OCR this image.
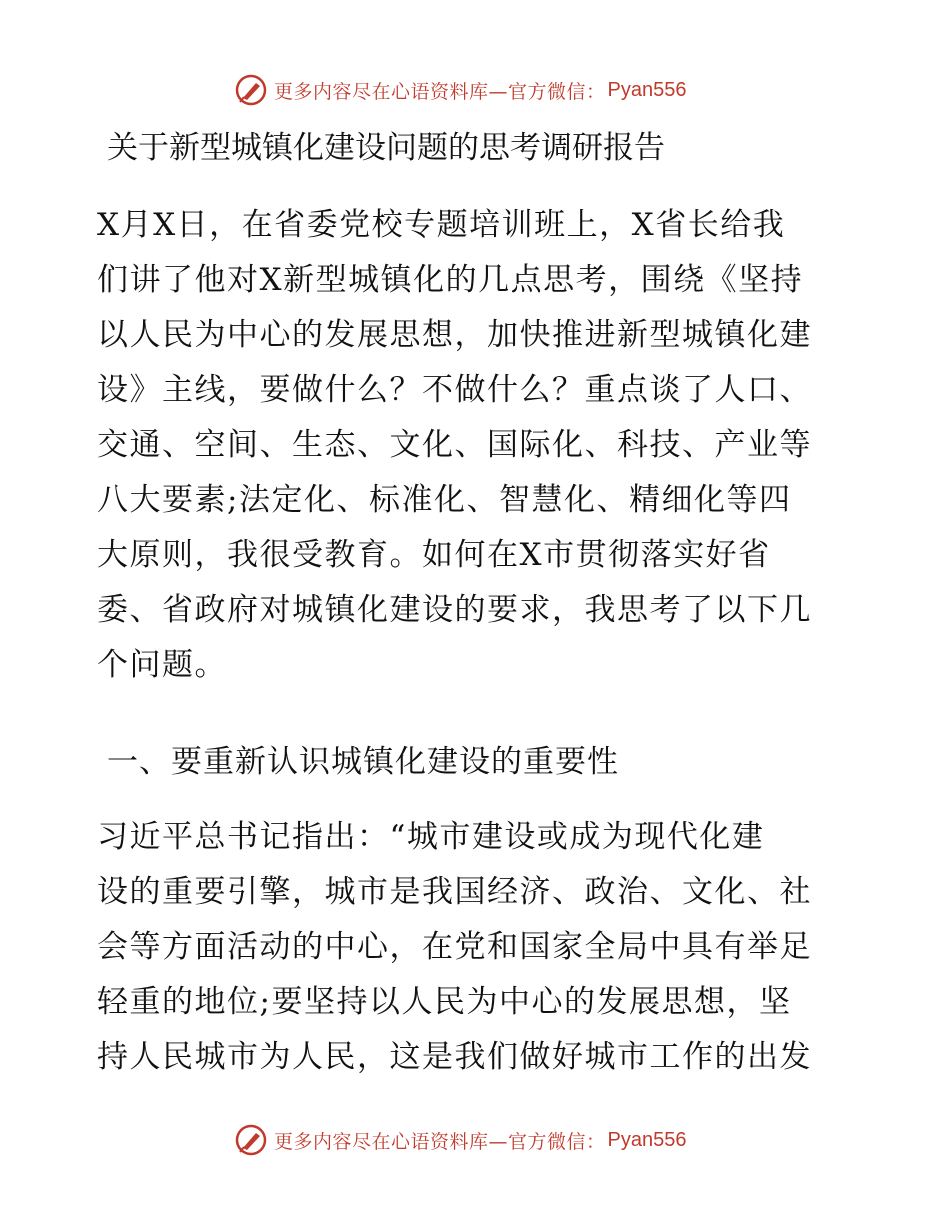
更多内容尽在心语资料库—官方微信： Pyan556
关于新型城镇化建设问题的思考调研报告
X月X日，在省委党校专题培训班上，X省长给我
们讲了他对X新型城镇化的几点思考，围绕《坚持
以人民为中心的发展思想，加快推进新型城镇化建
设》主线，要做什么？不做什么？重点谈了人口、
交通、空间、生态、文化、国际化、科技、产业等
八大要素;法定化、标准化、智慧化、精细化等四
大原则，我很受教育。如何在X市贯彻落实好省
委、省政府对城镇化建设的要求，我思考了以下几
个问题。
一、要重新认识城镇化建设的重要性
习近平总书记指出：“城市建设或成为现代化建
设的重要引擎，城市是我国经济、政治、文化、社
会等方面活动的中心，在党和国家全局中具有举足
轻重的地位;要坚持以人民为中心的发展思想，坚
持人民城市为人民，这是我们做好城市工作的出发
更多内容尽在心语资料库—官方微信： Pyan556
